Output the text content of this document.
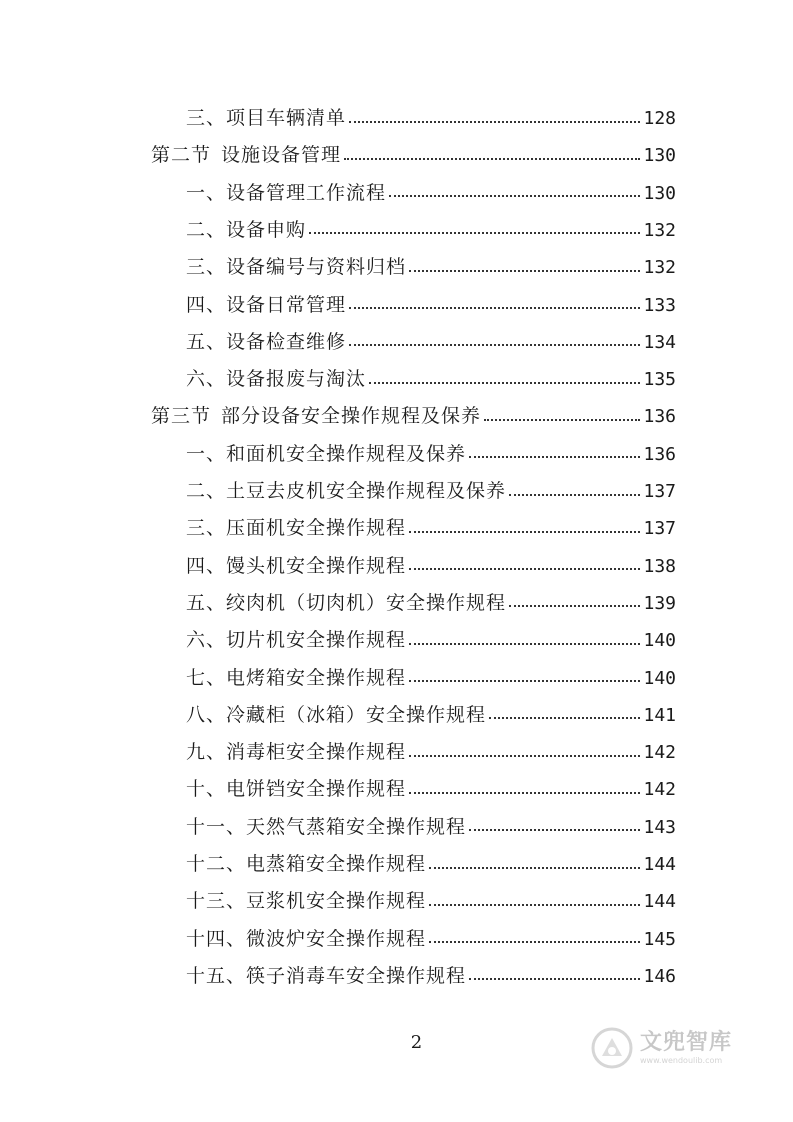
三、项目车辆清单	128
第二节 设施设备管理	130
一、设备管理工作流程	130
二、设备申购	132
三、设备编号与资料归档	132
四、设备日常管理	133
五、设备检查维修	134
六、设备报废与淘汰	135
第三节 部分设备安全操作规程及保养	136
一、和面机安全操作规程及保养	136
二、土豆去皮机安全操作规程及保养	137
三、压面机安全操作规程	137
四、馒头机安全操作规程	138
五、绞肉机（切肉机）安全操作规程	139
六、切片机安全操作规程	140
七、电烤箱安全操作规程	140
八、冷藏柜（冰箱）安全操作规程	141
九、消毒柜安全操作规程	142
十、电饼铛安全操作规程	142
十一、天然气蒸箱安全操作规程	143
十二、电蒸箱安全操作规程	144
十三、豆浆机安全操作规程	144
十四、微波炉安全操作规程	145
十五、筷子消毒车安全操作规程	146
2	文兜智库
www.wendoulib.com
